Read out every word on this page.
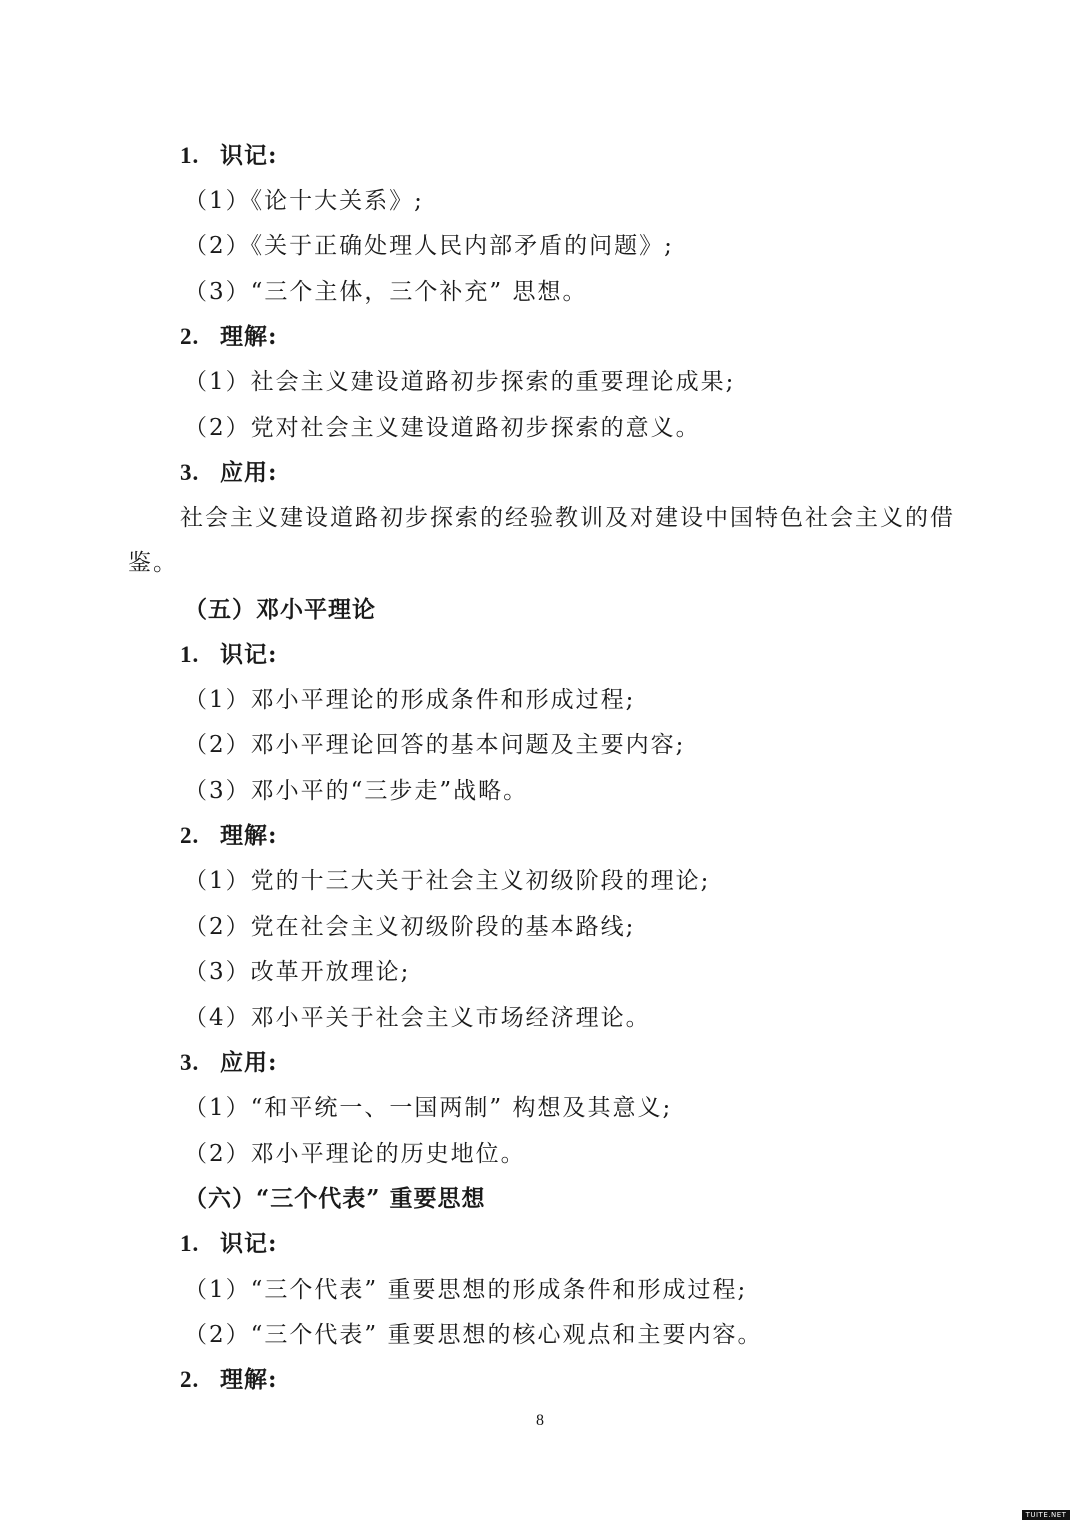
1. 识记:
（1）《论十大关系》;
（2）《关于正确处理人民内部矛盾的问题》;
（3）“三个主体，三个补充” 思想。
2. 理解:
（1）社会主义建设道路初步探索的重要理论成果;
（2）党对社会主义建设道路初步探索的意义。
3. 应用:
社会主义建设道路初步探索的经验教训及对建设中国特色社会主义的借鉴。
（五）邓小平理论
1. 识记:
（1）邓小平理论的形成条件和形成过程;
（2）邓小平理论回答的基本问题及主要内容;
（3）邓小平的“三步走”战略。
2. 理解:
（1）党的十三大关于社会主义初级阶段的理论;
（2）党在社会主义初级阶段的基本路线;
（3）改革开放理论;
（4）邓小平关于社会主义市场经济理论。
3. 应用:
（1）“和平统一、一国两制” 构想及其意义;
（2）邓小平理论的历史地位。
（六）“三个代表” 重要思想
1. 识记:
（1）“三个代表” 重要思想的形成条件和形成过程;
（2）“三个代表” 重要思想的核心观点和主要内容。
2. 理解:
8
TUITE.NET
